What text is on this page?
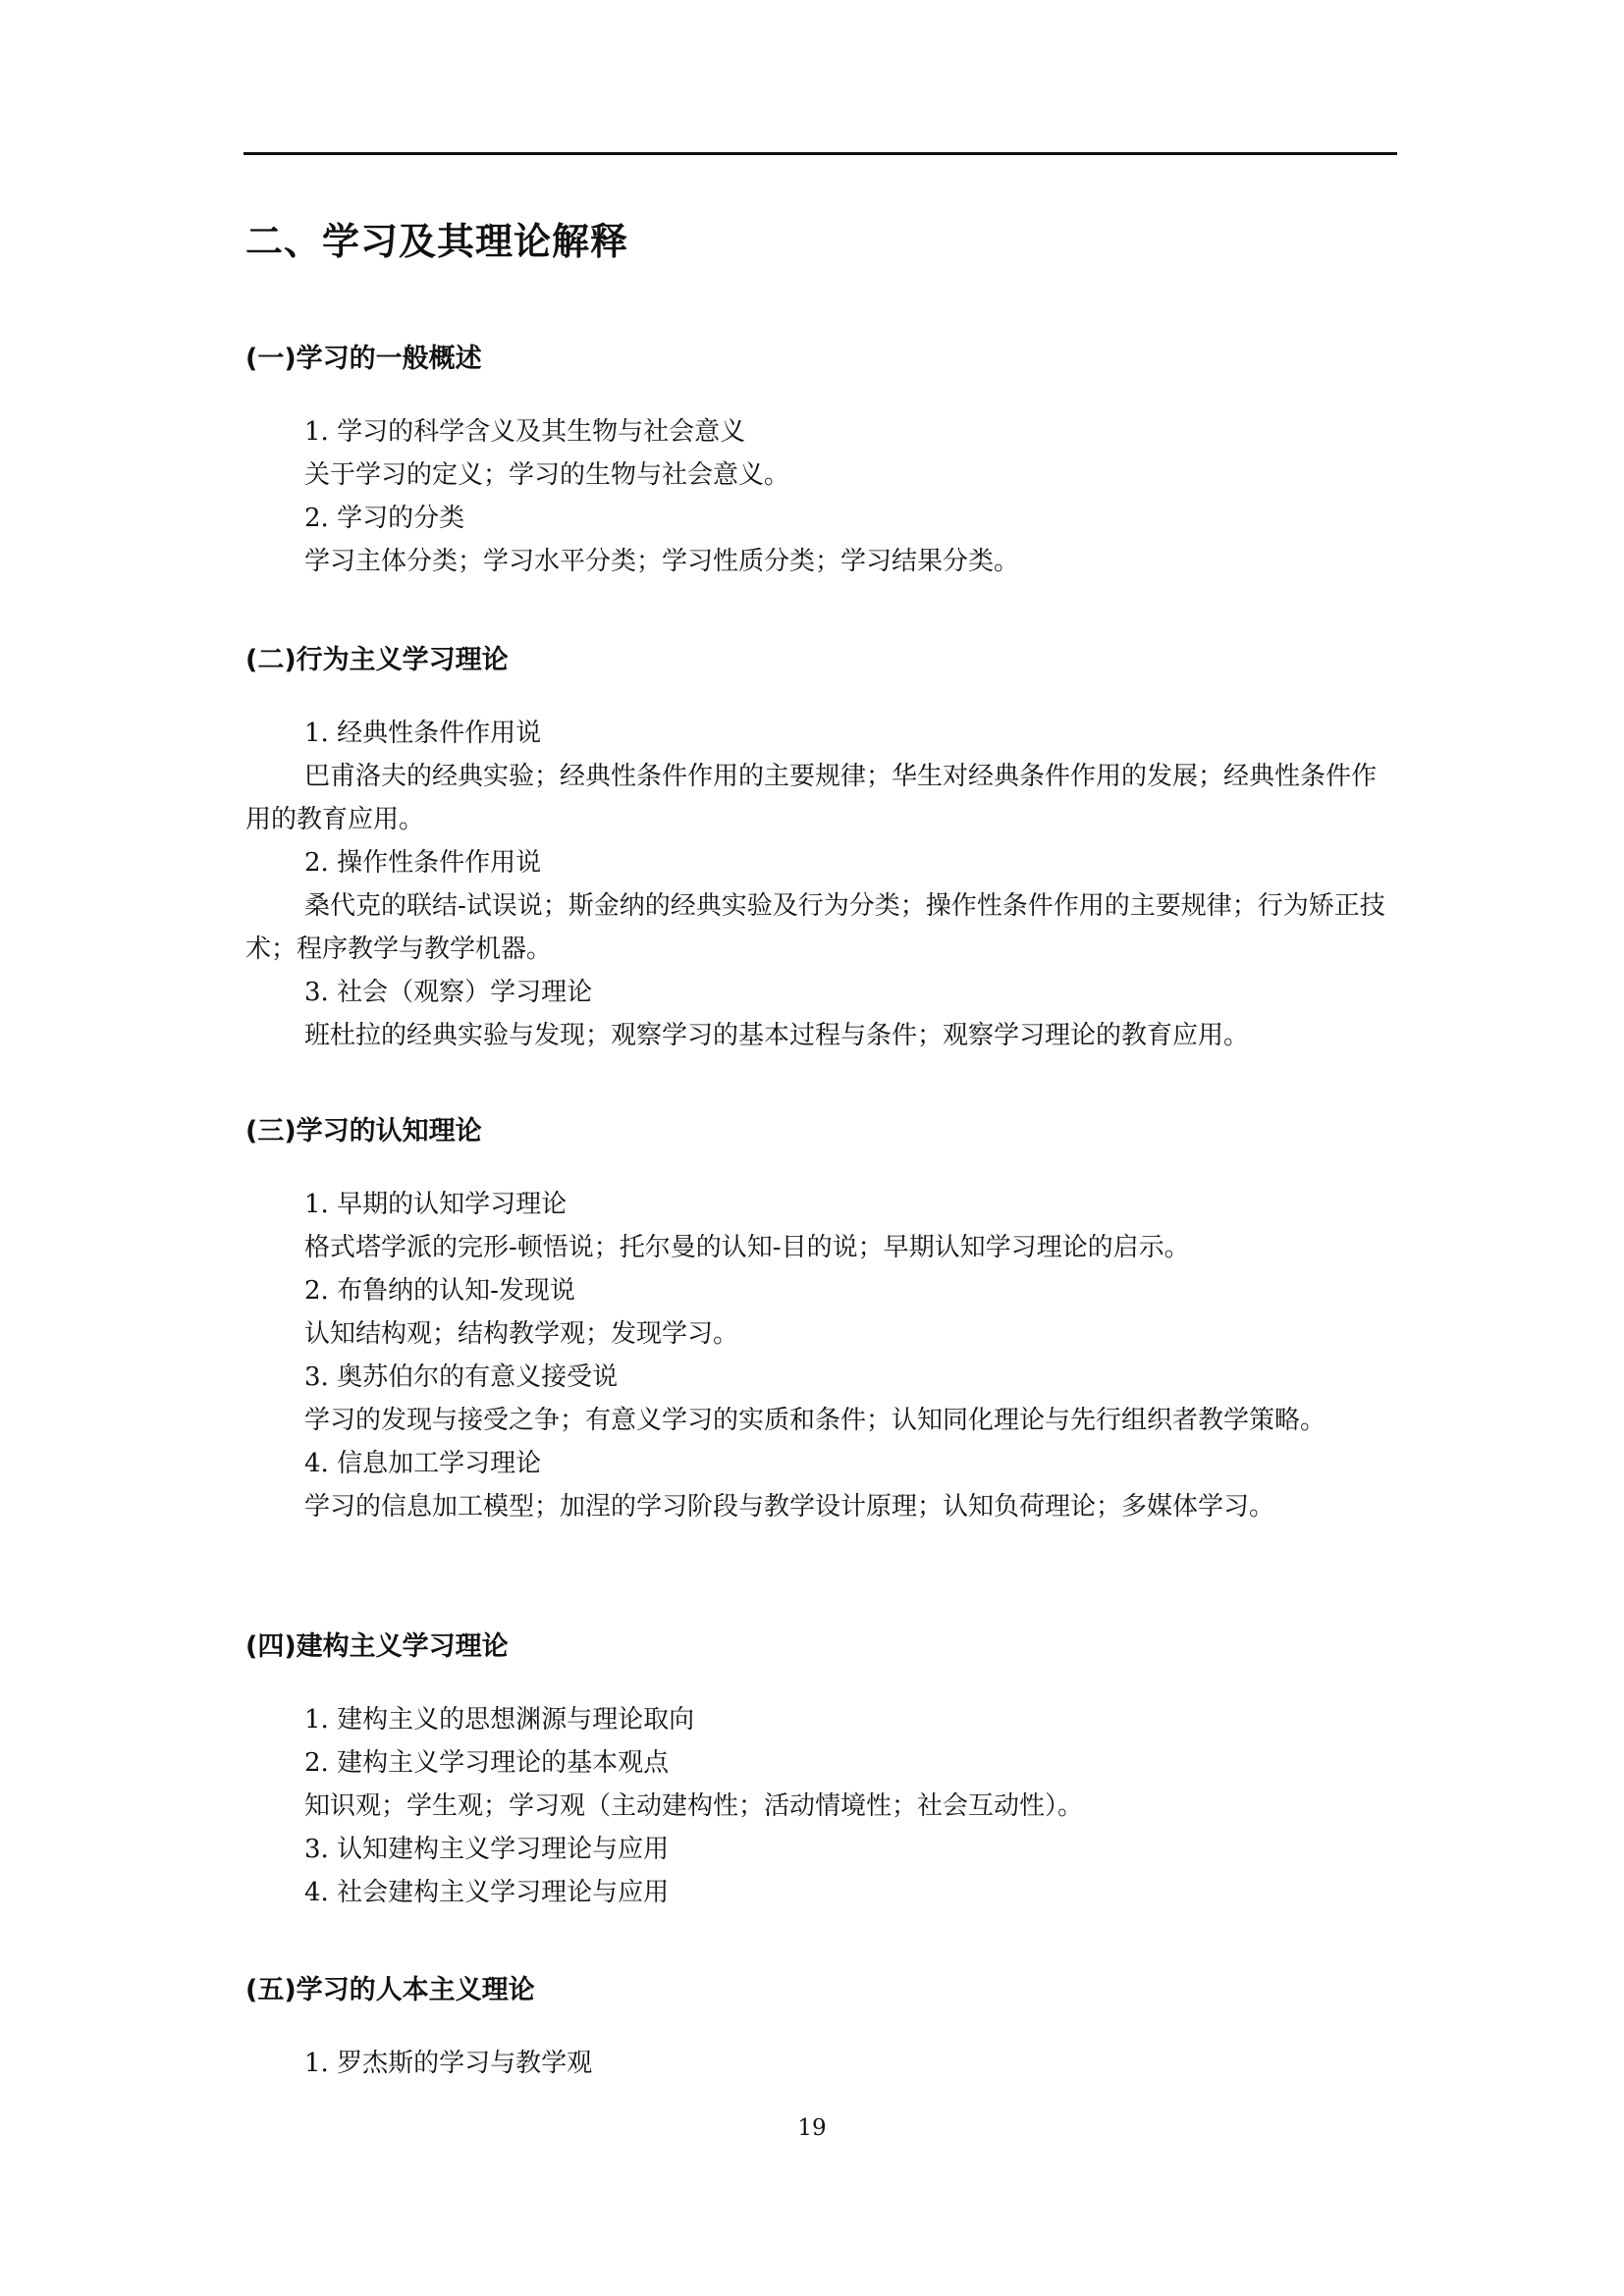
二、学习及其理论解释
(一)学习的一般概述
1. 学习的科学含义及其生物与社会意义
关于学习的定义；学习的生物与社会意义。
2. 学习的分类
学习主体分类；学习水平分类；学习性质分类；学习结果分类。
(二)行为主义学习理论
1. 经典性条件作用说

巴甫洛夫的经典实验；经典性条件作用的主要规律；华生对经典条件作用的发展；经典性条件作用的教育应用。

2. 操作性条件作用说

桑代克的联结-试误说；斯金纳的经典实验及行为分类；操作性条件作用的主要规律；行为矫正技术；程序教学与教学机器。

3. 社会（观察）学习理论
班杜拉的经典实验与发现；观察学习的基本过程与条件；观察学习理论的教育应用。
(三)学习的认知理论
1. 早期的认知学习理论
格式塔学派的完形-顿悟说；托尔曼的认知-目的说；早期认知学习理论的启示。
2. 布鲁纳的认知-发现说
认知结构观；结构教学观；发现学习。
3. 奥苏伯尔的有意义接受说

学习的发现与接受之争；有意义学习的实质和条件；认知同化理论与先行组织者教学策略。

4. 信息加工学习理论
学习的信息加工模型；加涅的学习阶段与教学设计原理；认知负荷理论；多媒体学习。
(四)建构主义学习理论
1. 建构主义的思想渊源与理论取向
2. 建构主义学习理论的基本观点
知识观；学生观；学习观（主动建构性；活动情境性；社会互动性）。
3. 认知建构主义学习理论与应用
4. 社会建构主义学习理论与应用
(五)学习的人本主义理论
1. 罗杰斯的学习与教学观
19
